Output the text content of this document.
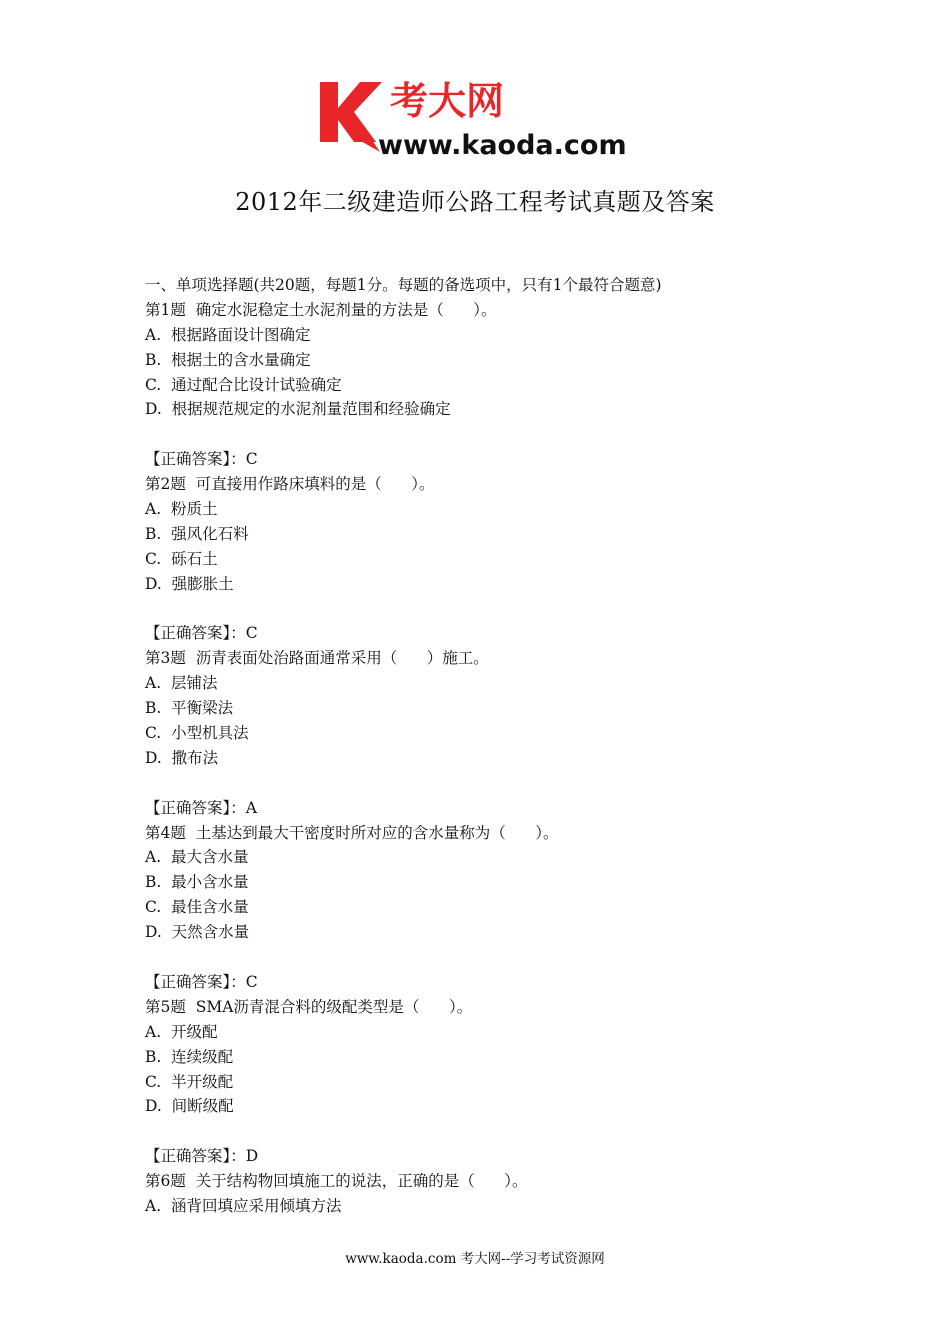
考大网
www.kaoda.com
2012年二级建造师公路工程考试真题及答案
一、单项选择题(共20题，每题1分。每题的备选项中，只有1个最符合题意)
第1题  确定水泥稳定土水泥剂量的方法是（      ）。
A.  根据路面设计图确定
B.  根据土的含水量确定
C.  通过配合比设计试验确定
D.  根据规范规定的水泥剂量范围和经验确定
【正确答案】：C
第2题  可直接用作路床填料的是（      ）。
A.  粉质土
B.  强风化石料
C.  砾石土
D.  强膨胀土
【正确答案】：C
第3题  沥青表面处治路面通常采用（      ）施工。
A.  层铺法
B.  平衡梁法
C.  小型机具法
D.  撒布法
【正确答案】：A
第4题  土基达到最大干密度时所对应的含水量称为（      ）。
A.  最大含水量
B.  最小含水量
C.  最佳含水量
D.  天然含水量
【正确答案】：C
第5题  SMA沥青混合料的级配类型是（      ）。
A.  开级配
B.  连续级配
C.  半开级配
D.  间断级配
【正确答案】：D
第6题  关于结构物回填施工的说法，正确的是（      ）。
A.  涵背回填应采用倾填方法
www.kaoda.com 考大网--学习考试资源网
